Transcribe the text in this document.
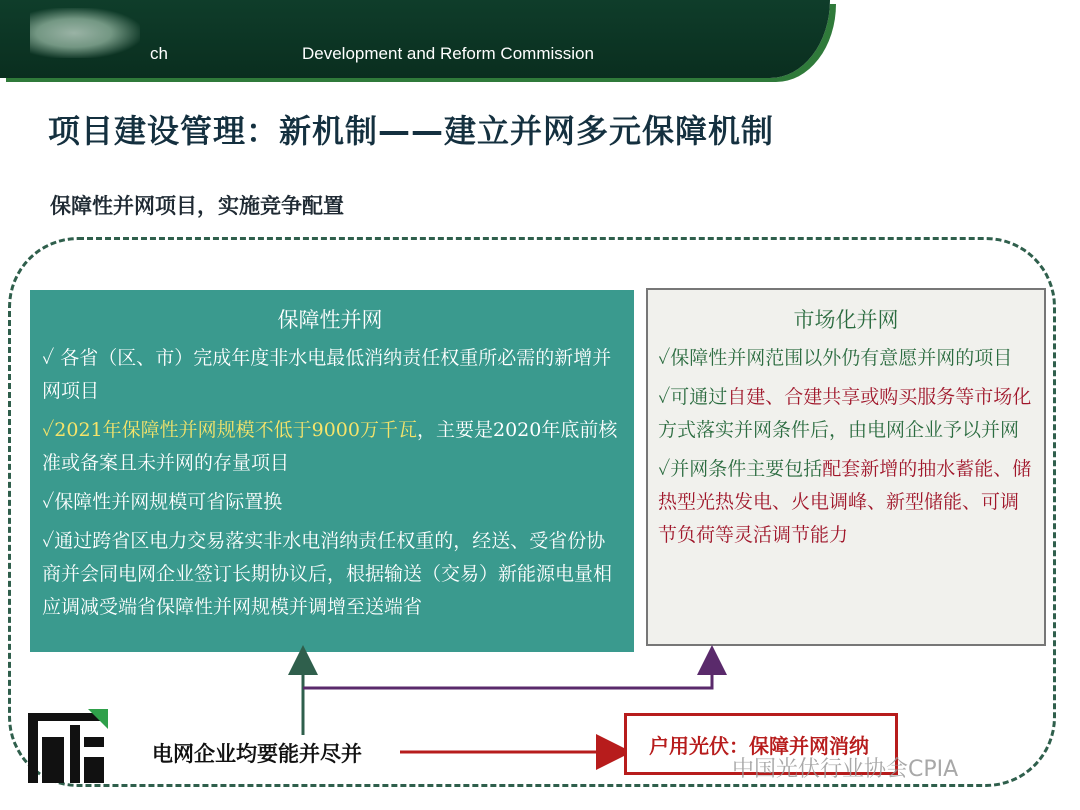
ch	Development and Reform Commission
项目建设管理：新机制——建立并网多元保障机制
保障性并网项目，实施竞争配置
保障性并网

✓ 各省（区、市）完成年度非水电最低消纳责任权重所必需的新增并网项目

✓2021年保障性并网规模不低于9000万千瓦，主要是2020年底前核准或备案且未并网的存量项目

✓保障性并网规模可省际置换

✓通过跨省区电力交易落实非水电消纳责任权重的，经送、受省份协商并会同电网企业签订长期协议后，根据输送（交易）新能源电量相应调减受端省保障性并网规模并调增至送端省

市场化并网

✓保障性并网范围以外仍有意愿并网的项目

✓可通过自建、合建共享或购买服务等市场化方式落实并网条件后，由电网企业予以并网

✓并网条件主要包括配套新增的抽水蓄能、储热型光热发电、火电调峰、新型储能、可调节负荷等灵活调节能力

电网企业均要能并尽并	户用光伏：保障并网消纳
中国光伏行业协会CPIA
